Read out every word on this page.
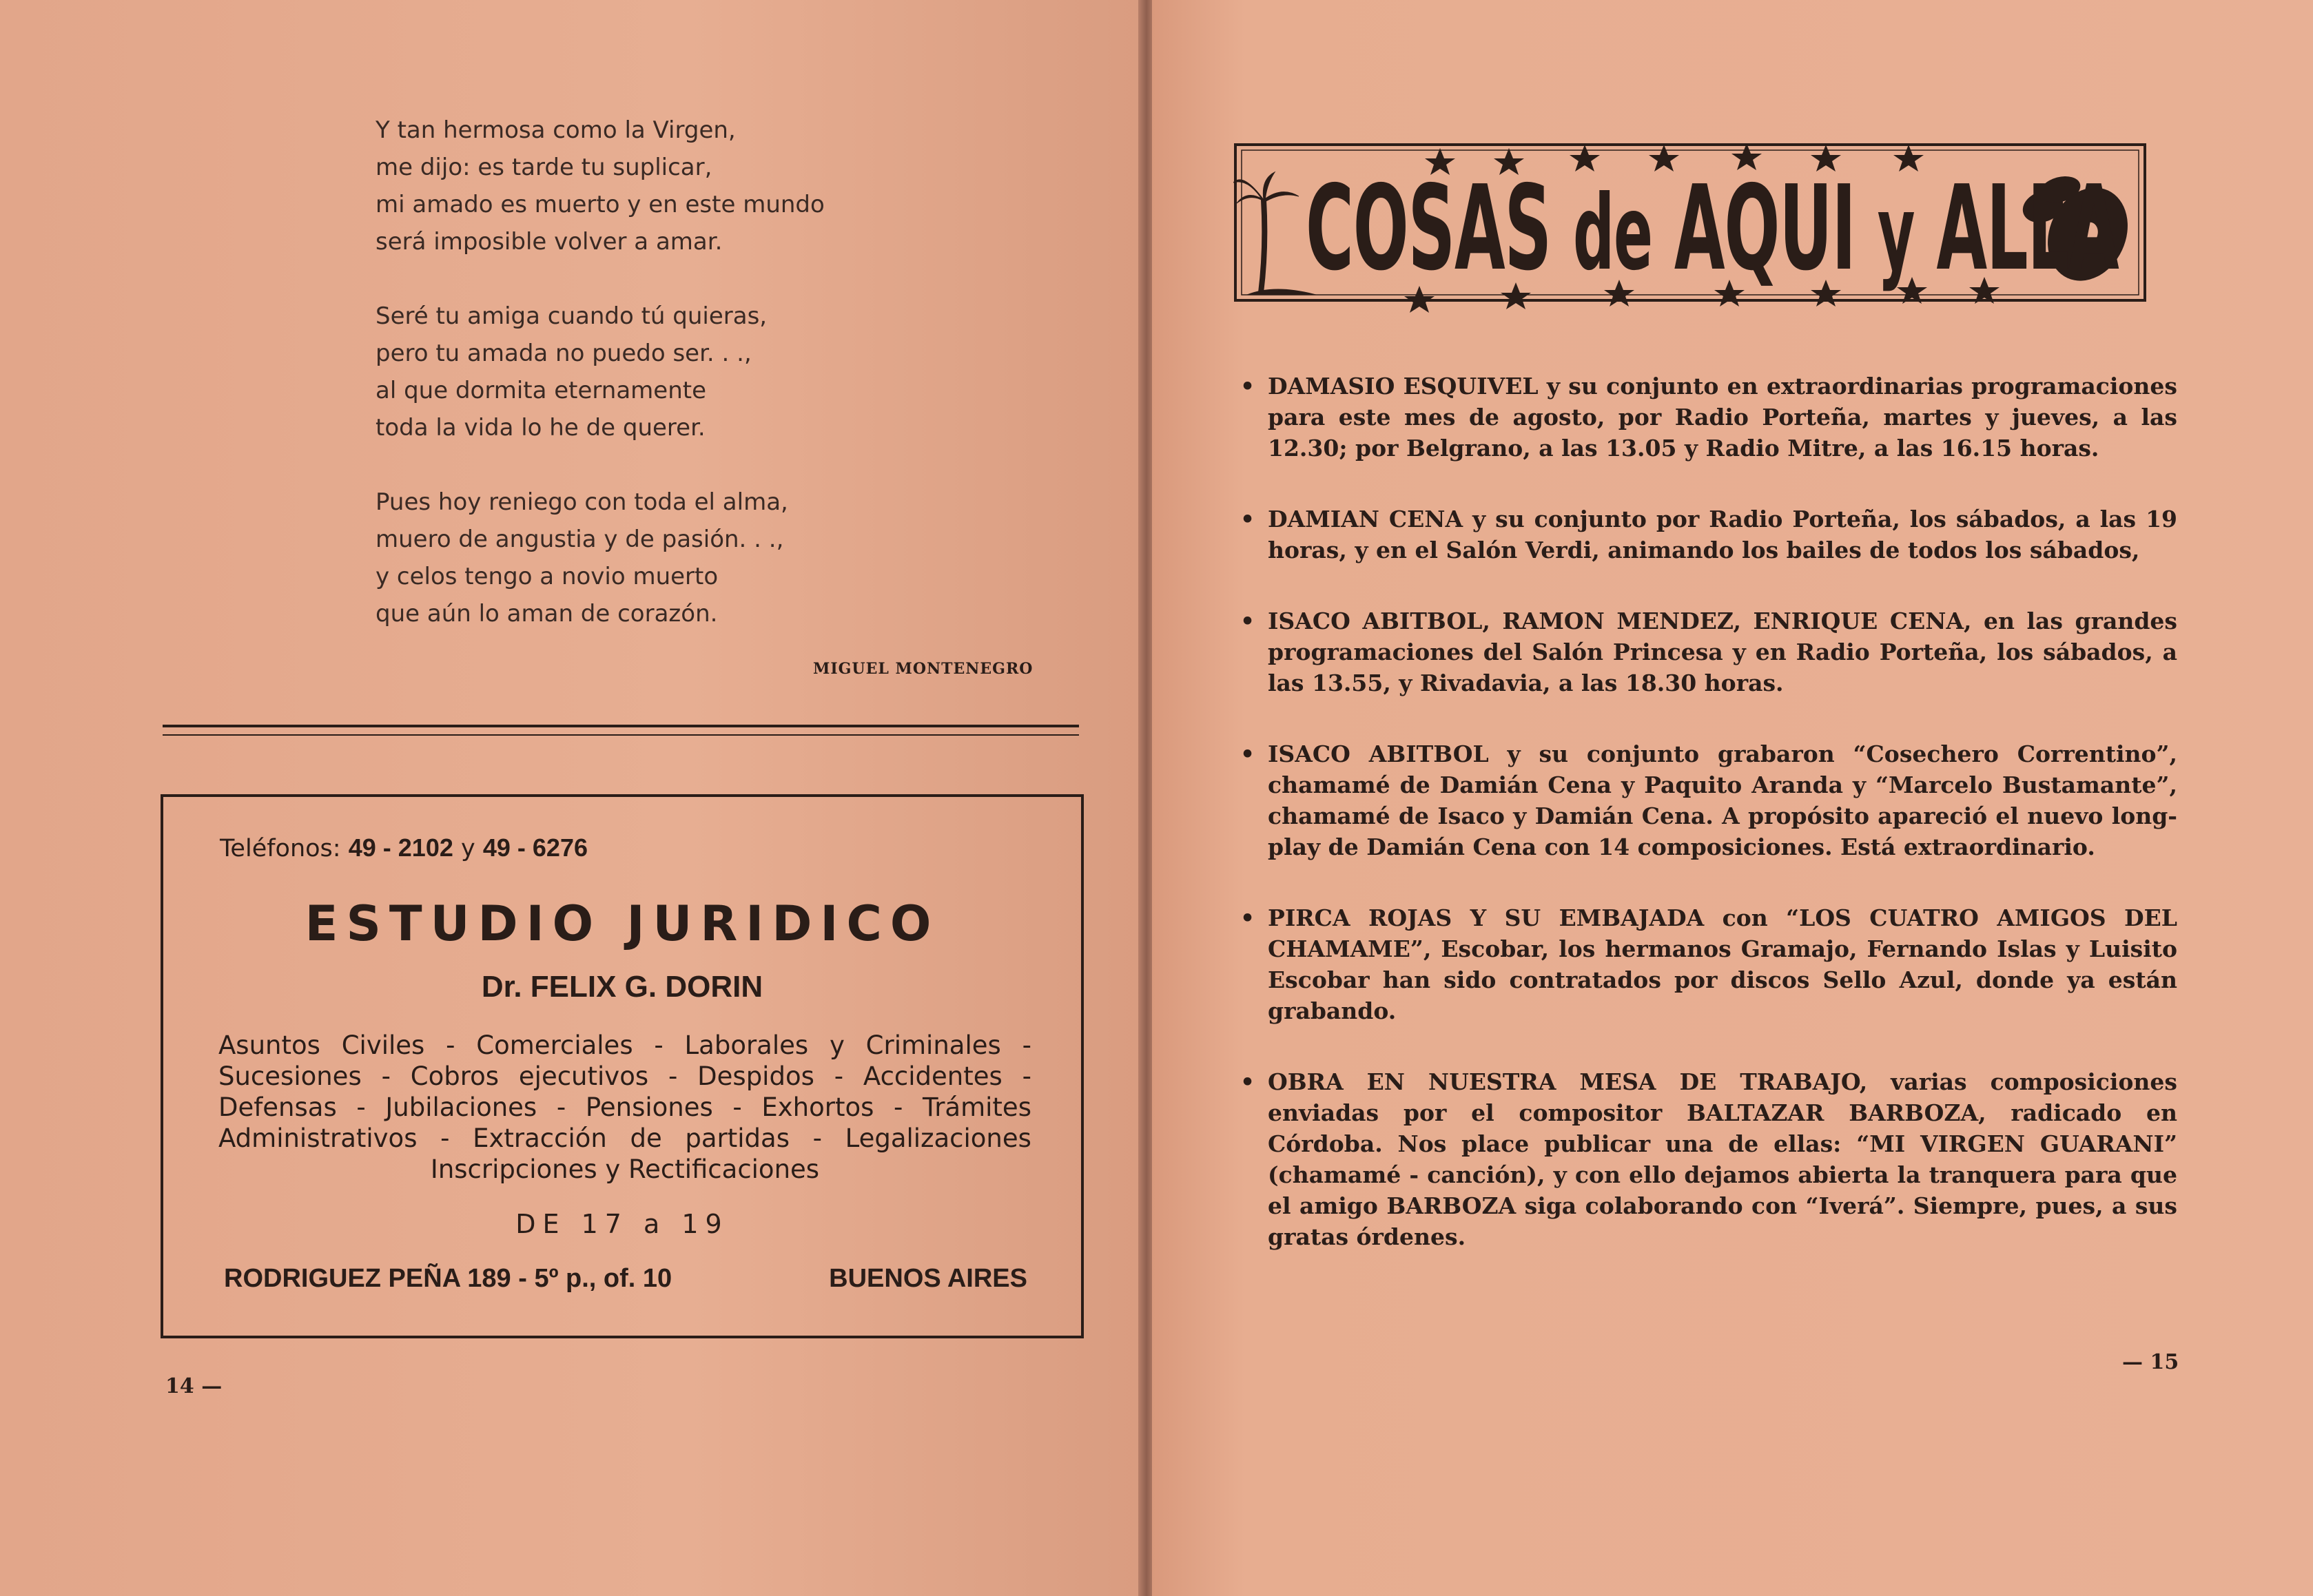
Y tan hermosa como la Virgen,
me dijo: es tarde tu suplicar,
mi amado es muerto y en este mundo
será imposible volver a amar.
Seré tu amiga cuando tú quieras,
pero tu amada no puedo ser. . .,
al que dormita eternamente
toda la vida lo he de querer.
Pues hoy reniego con toda el alma,
muero de angustia y de pasión. . .,
y celos tengo a novio muerto
que aún lo aman de corazón.
MIGUEL MONTENEGRO
Teléfonos: 49 - 2102 y 49 - 6276
ESTUDIO JURIDICO
Dr. FELIX G. DORIN
Asuntos Civiles - Comerciales - Laborales y Criminales -
Sucesiones - Cobros ejecutivos - Despidos - Accidentes -
Defensas - Jubilaciones - Pensiones - Exhortos - Trámites
Administrativos - Extracción de partidas - Legalizaciones
Inscripciones y Rectificaciones
DE 17 a 19
RODRIGUEZ PEÑA 189 - 5º p., of. 10	BUENOS AIRES
14 —
COSAS de AQUI y ALLA
• DAMASIO ESQUIVEL y su conjunto en extraordinarias programaciones para este mes de agosto, por Radio Porteña, martes y jueves, a las 12.30; por Belgrano, a las 13.05 y Radio Mitre, a las 16.15 horas.
• DAMIAN CENA y su conjunto por Radio Porteña, los sábados, a las 19 horas, y en el Salón Verdi, animando los bailes de todos los sábados,
• ISACO ABITBOL, RAMON MENDEZ, ENRIQUE CENA, en las grandes programaciones del Salón Princesa y en Radio Porteña, los sábados, a las 13.55, y Rivadavia, a las 18.30 horas.
• ISACO ABITBOL y su conjunto grabaron “Cosechero Correntino”, chamamé de Damián Cena y Paquito Aranda y “Marcelo Bustamante”, chamamé de Isaco y Damián Cena. A propósito apareció el nuevo long-play de Damián Cena con 14 composiciones. Está extraordinario.
• PIRCA ROJAS Y SU EMBAJADA con “LOS CUATRO AMIGOS DEL CHAMAME”, Escobar, los hermanos Gramajo, Fernando Islas y Luisito Escobar han sido contratados por discos Sello Azul, donde ya están grabando.
• OBRA EN NUESTRA MESA DE TRABAJO, varias composiciones enviadas por el compositor BALTAZAR BARBOZA, radicado en Córdoba. Nos place publicar una de ellas: “MI VIRGEN GUARANI” (chamamé - canción), y con ello dejamos abierta la tranquera para que el amigo BARBOZA siga colaborando con “Iverá”. Siempre, pues, a sus gratas órdenes.
— 15
